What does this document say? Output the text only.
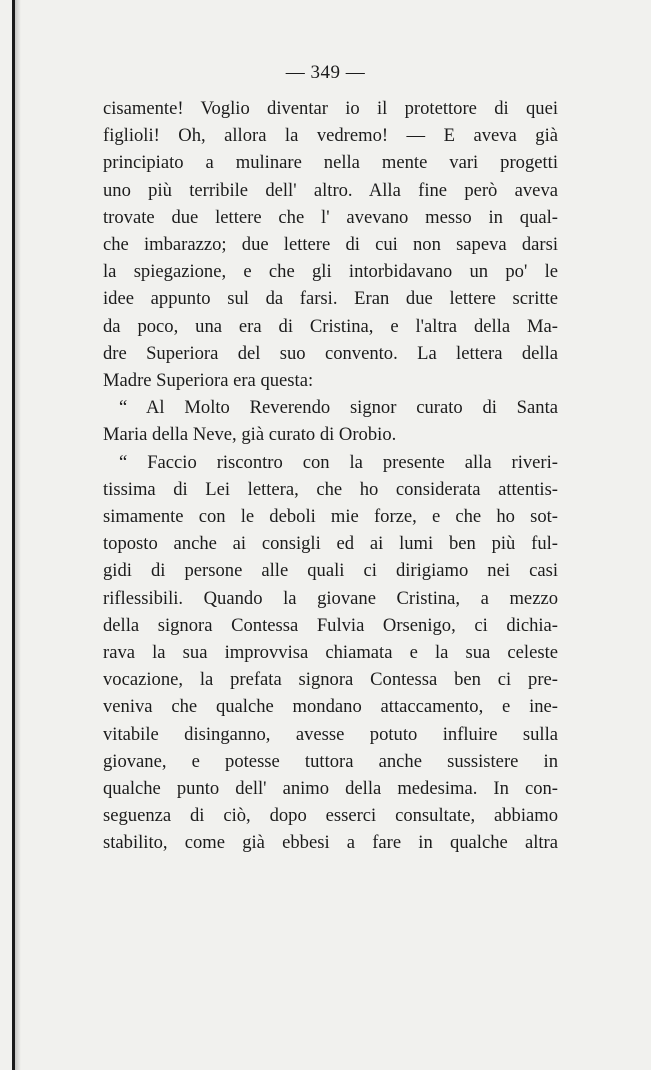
— 349 —
cisamente! Voglio diventar io il protettore di quei
figlioli! Oh, allora la vedremo! — E aveva già
principiato a mulinare nella mente vari progetti
uno più terribile dell' altro. Alla fine però aveva
trovate due lettere che l' avevano messo in qual-
che imbarazzo; due lettere di cui non sapeva darsi
la spiegazione, e che gli intorbidavano un po' le
idee appunto sul da farsi. Eran due lettere scritte
da poco, una era di Cristina, e l'altra della Ma-
dre Superiora del suo convento. La lettera della
Madre Superiora era questa:
“ Al Molto Reverendo signor curato di Santa
Maria della Neve, già curato di Orobio.
“ Faccio riscontro con la presente alla riveri-
tissima di Lei lettera, che ho considerata attentis-
simamente con le deboli mie forze, e che ho sot-
toposto anche ai consigli ed ai lumi ben più ful-
gidi di persone alle quali ci dirigiamo nei casi
riflessibili. Quando la giovane Cristina, a mezzo
della signora Contessa Fulvia Orsenigo, ci dichia-
rava la sua improvvisa chiamata e la sua celeste
vocazione, la prefata signora Contessa ben ci pre-
veniva che qualche mondano attaccamento, e ine-
vitabile disinganno, avesse potuto influire sulla
giovane, e potesse tuttora anche sussistere in
qualche punto dell' animo della medesima. In con-
seguenza di ciò, dopo esserci consultate, abbiamo
stabilito, come già ebbesi a fare in qualche altra
